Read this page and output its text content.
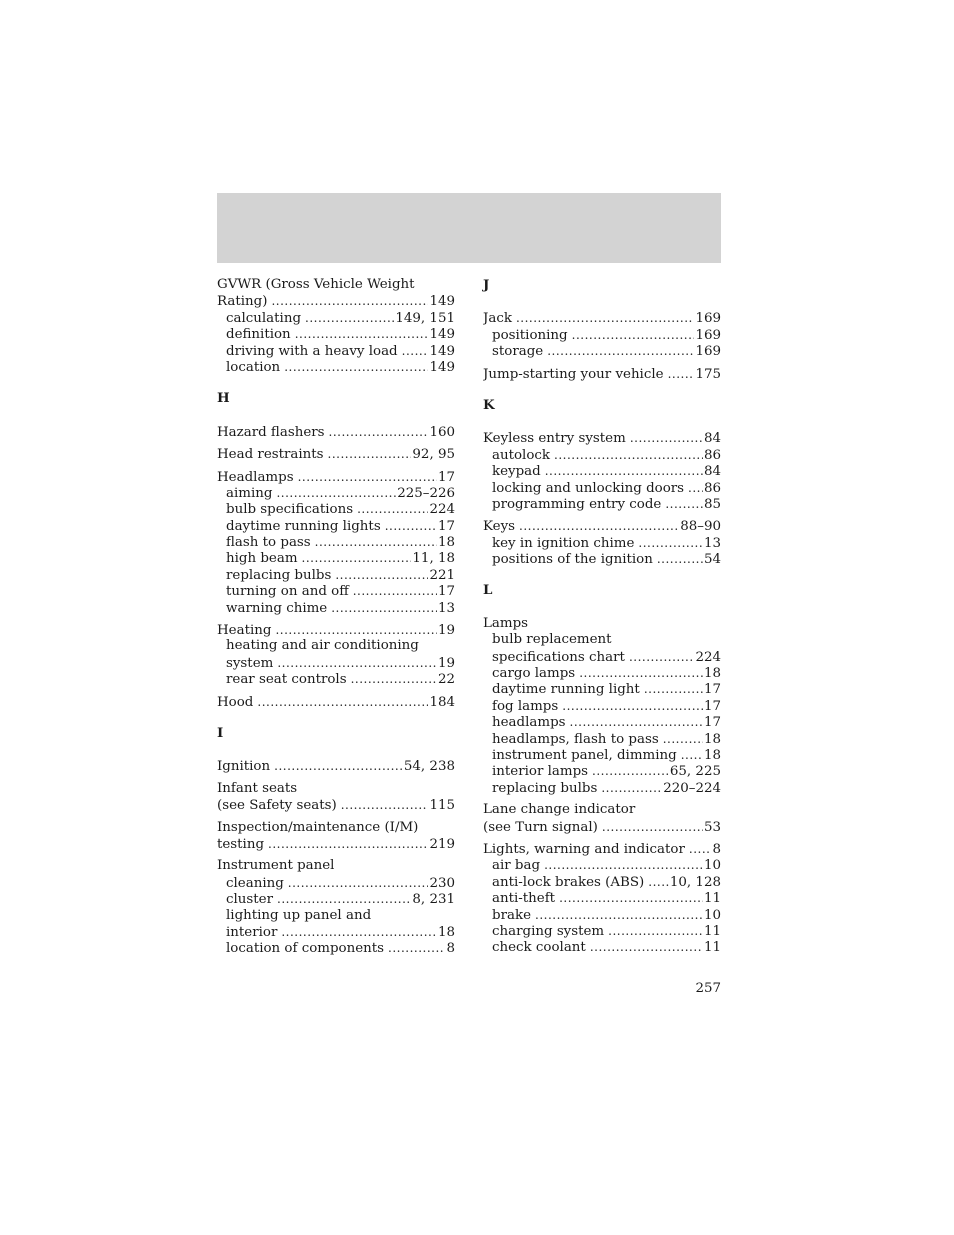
GVWR (Gross Vehicle Weight
Rating) .....	149
calculating .....	149, 151
definition .....	149
driving with a heavy load ..... 149
location .....	149
H
Hazard flashers .....	160
Head restraints .....	92, 95
Headlamps .....	17
aiming .....	225–226
bulb specifications .....	224
daytime running lights .....	17
flash to pass .....	18
high beam .....	11, 18
replacing bulbs .....	221
turning on and off .....	17
warning chime .....	13
Heating .....	19
heating and air conditioning
system .....	19
rear seat controls .....	22
Hood .....	184
I
Ignition .....	54, 238
Infant seats
(see Safety seats) .....	115
Inspection/maintenance (I/M)
testing .....	219
Instrument panel
cleaning .....	230
cluster .....	8, 231
lighting up panel and
interior .....	18
location of components .....	8
J
Jack .....	169
positioning .....	169
storage .....	169
Jump-starting your vehicle ..... 175
K
Keyless entry system .....	84
autolock .....	86
keypad .....	84
locking and unlocking doors ..... 86
programming entry code .....	85
Keys .....	88–90
key in ignition chime .....	13
positions of the ignition .....	54
L
Lamps
bulb replacement
specifications chart .....	224
cargo lamps .....	18
daytime running light .....	17
fog lamps .....	17
headlamps .....	17
headlamps, flash to pass .....	18
instrument panel, dimming ..... 18
interior lamps .....	65, 225
replacing bulbs .....	220–224
Lane change indicator
(see Turn signal) .....	53
Lights, warning and indicator ..... 8
air bag .....	10
anti-lock brakes (ABS) ..... 10, 128
anti-theft .....	11
brake .....	10
charging system .....	11
check coolant .....	11
257
